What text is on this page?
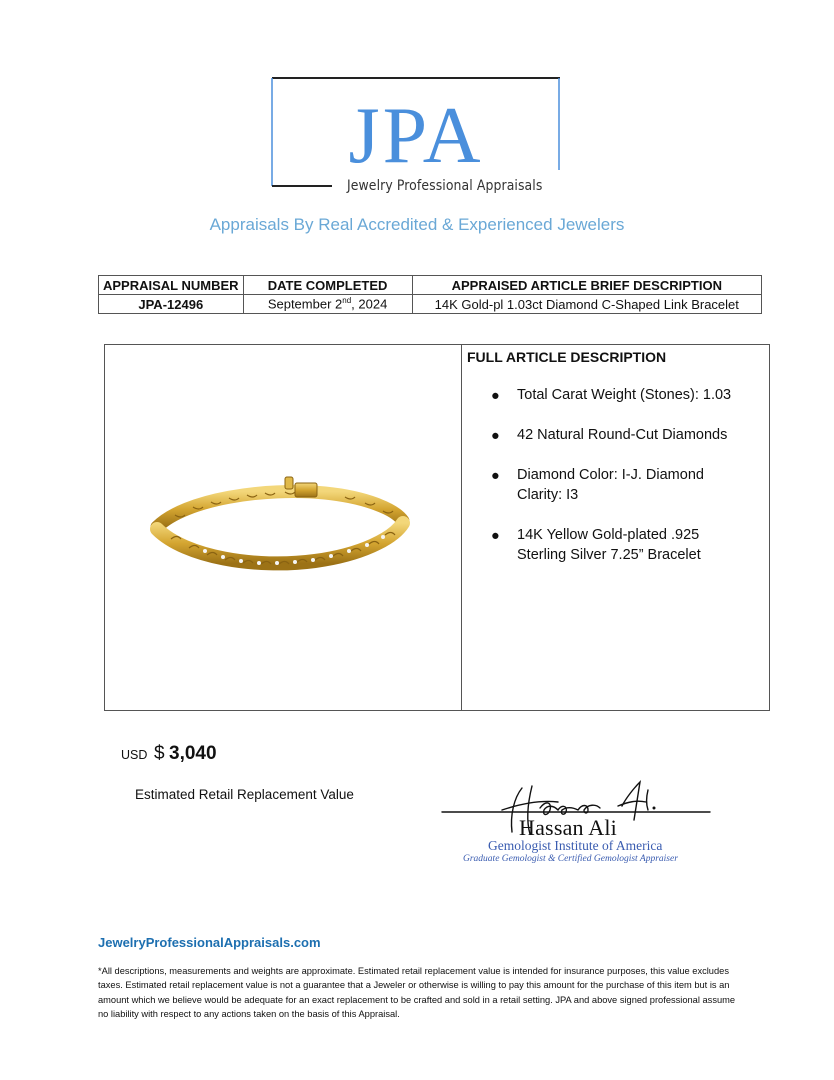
JPA
Jewelry Professional Appraisals
Appraisals By Real Accredited & Experienced Jewelers
APPRAISAL NUMBER	DATE COMPLETED	APPRAISED ARTICLE BRIEF DESCRIPTION
JPA-12496	September 2nd, 2024	14K Gold-pl 1.03ct Diamond C-Shaped Link Bracelet
FULL ARTICLE DESCRIPTION
● Total Carat Weight (Stones): 1.03
● 42 Natural Round-Cut Diamonds
● Diamond Color: I-J. Diamond Clarity: I3
● 14K Yellow Gold-plated .925 Sterling Silver 7.25” Bracelet
USD $ 3,040
Estimated Retail Replacement Value
Hassan Ali
Gemologist Institute of America
Graduate Gemologist & Certified Gemologist Appraiser
JewelryProfessionalAppraisals.com
*All descriptions, measurements and weights are approximate. Estimated retail replacement value is intended for insurance purposes, this value excludes taxes. Estimated retail replacement value is not a guarantee that a Jeweler or otherwise is willing to pay this amount for the purchase of this item but is an amount which we believe would be adequate for an exact replacement to be crafted and sold in a retail setting. JPA and above signed professional assume no liability with respect to any actions taken on the basis of this Appraisal.
